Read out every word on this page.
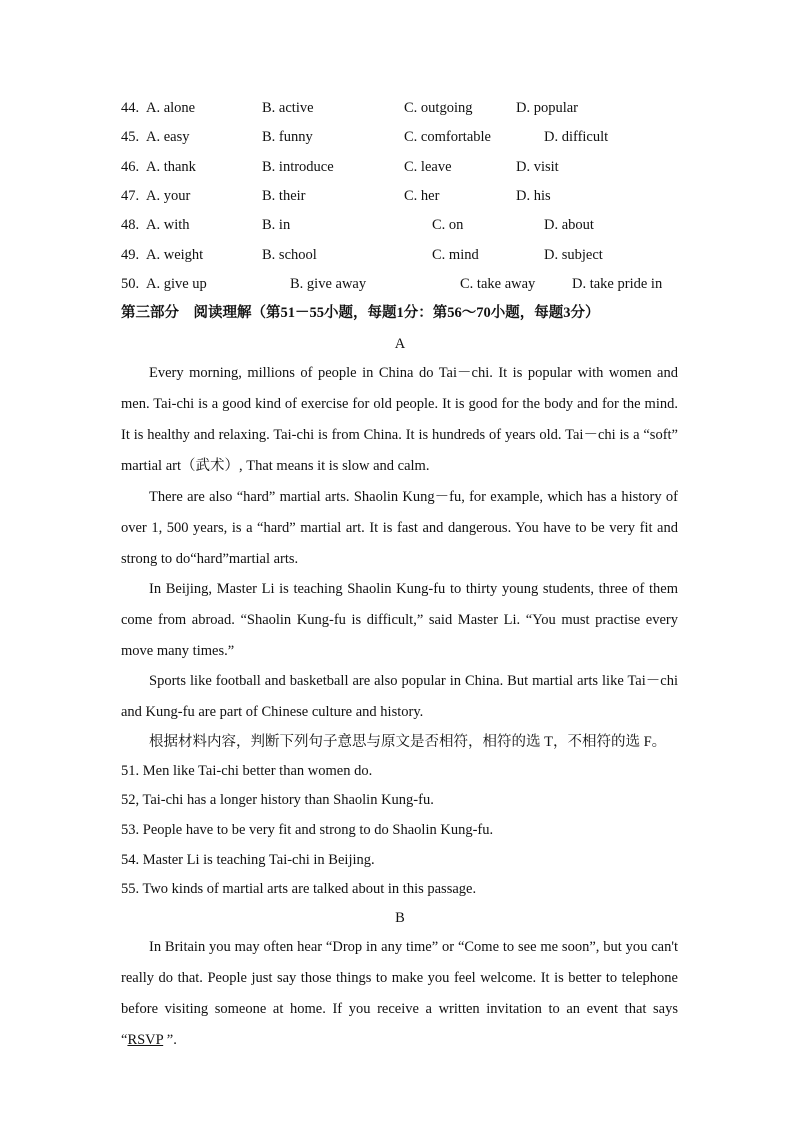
44. A. alone	B. active	C. outgoing	D. popular
45. A. easy	B. funny	C. comfortable	D. difficult
46. A. thank	B. introduce	C. leave	D. visit
47. A. your	B. their	C. her	D. his
48. A. with	B. in	C. on	D. about
49. A. weight	B. school	C. mind	D. subject
50. A. give up	B. give away	C. take away	D. take pride in
第三部分　阅读理解（第51－55小题，每题1分：第56～70小题，每题3分）
A
Every morning, millions of people in China do Tai－chi. It is popular with women and men. Tai-chi is a good kind of exercise for old people. It is good for the body and for the mind. It is healthy and relaxing. Tai-chi is from China. It is hundreds of years old. Tai－chi is a “soft” martial art（武术）, That means it is slow and calm.
There are also “hard” martial arts. Shaolin Kung－fu, for example, which has a history of over 1, 500 years, is a “hard” martial art. It is fast and dangerous. You have to be very fit and strong to do“hard”martial arts.
In Beijing, Master Li is teaching Shaolin Kung-fu to thirty young students, three of them come from abroad. “Shaolin Kung-fu is difficult,” said Master Li. “You must practise every move many times.”
Sports like football and basketball are also popular in China. But martial arts like Tai－chi and Kung-fu are part of Chinese culture and history.
根据材料内容，判断下列句子意思与原文是否相符，相符的选 T，不相符的选 F。
51. Men like Tai-chi better than women do.
52, Tai-chi has a longer history than Shaolin Kung-fu.
53. People have to be very fit and strong to do Shaolin Kung-fu.
54. Master Li is teaching Tai-chi in Beijing.
55. Two kinds of martial arts are talked about in this passage.
B
In Britain you may often hear “Drop in any time” or “Come to see me soon”, but you can't really do that. People just say those things to make you feel welcome. It is better to telephone before visiting someone at home. If you receive a written invitation to an event that says “RSVP ”.
